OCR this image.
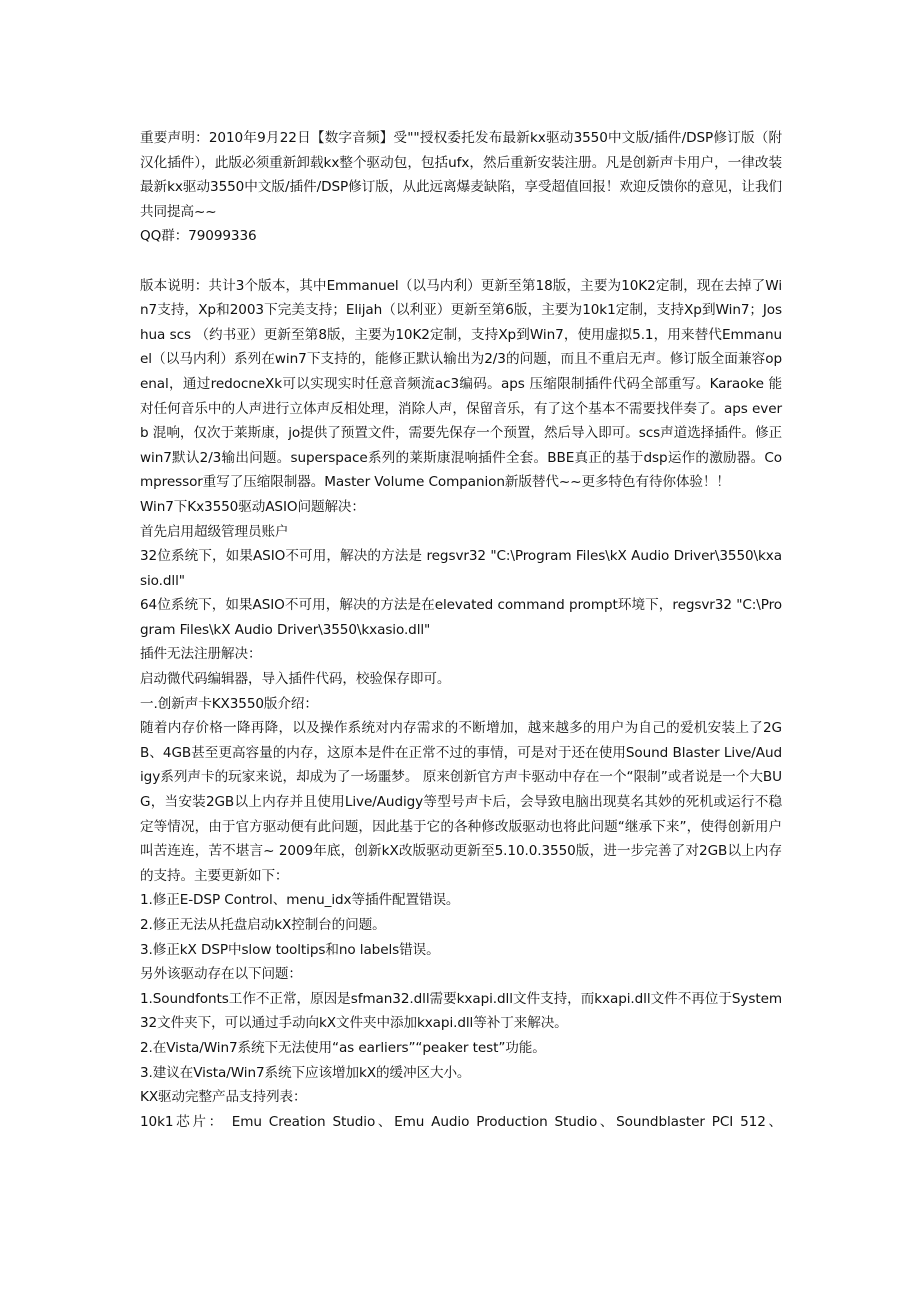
重要声明：2010年9月22日【数字音频】受""授权委托发布最新kx驱动3550中文版/插件/DSP修订版（附汉化插件），此版必须重新卸载kx整个驱动包，包括ufx，然后重新安装注册。凡是创新声卡用户，一律改装最新kx驱动3550中文版/插件/DSP修订版，从此远离爆麦缺陷，享受超值回报！欢迎反馈你的意见，让我们共同提高~~

QQ群：79099336

版本说明：共计3个版本，其中Emmanuel（以马内利）更新至第18版，主要为10K2定制，现在去掉了Win7支持，Xp和2003下完美支持；Elijah（以利亚）更新至第6版，主要为10k1定制，支持Xp到Win7；Joshua scs （约书亚）更新至第8版，主要为10K2定制，支持Xp到Win7，使用虚拟5.1，用来替代Emmanuel（以马内利）系列在win7下支持的，能修正默认输出为2/3的问题，而且不重启无声。修订版全面兼容openal，通过redocneXk可以实现实时任意音频流ac3编码。aps 压缩限制插件代码全部重写。Karaoke 能对任何音乐中的人声进行立体声反相处理，消除人声，保留音乐，有了这个基本不需要找伴奏了。aps everb 混响，仅次于莱斯康，jo提供了预置文件，需要先保存一个预置，然后导入即可。scs声道选择插件。修正win7默认2/3输出问题。superspace系列的莱斯康混响插件全套。BBE真正的基于dsp运作的激励器。Compressor重写了压缩限制器。Master Volume Companion新版替代~~更多特色有待你体验！！

Win7下Kx3550驱动ASIO问题解决：

首先启用超级管理员账户

32位系统下，如果ASIO不可用，解决的方法是 regsvr32 "C:\Program Files\kX Audio Driver\3550\kxasio.dll"

64位系统下，如果ASIO不可用，解决的方法是在elevated command prompt环境下，regsvr32 "C:\Program Files\kX Audio Driver\3550\kxasio.dll"

插件无法注册解决：

启动微代码编辑器，导入插件代码，校验保存即可。

一.创新声卡KX3550版介绍：

随着内存价格一降再降，以及操作系统对内存需求的不断增加，越来越多的用户为自己的爱机安装上了2GB、4GB甚至更高容量的内存，这原本是件在正常不过的事情，可是对于还在使用Sound Blaster Live/Audigy系列声卡的玩家来说，却成为了一场噩梦。 原来创新官方声卡驱动中存在一个“限制”或者说是一个大BUG，当安装2GB以上内存并且使用Live/Audigy等型号声卡后，会导致电脑出现莫名其妙的死机或运行不稳定等情况，由于官方驱动便有此问题，因此基于它的各种修改版驱动也将此问题“继承下来”，使得创新用户叫苦连连，苦不堪言~ 2009年底，创新kX改版驱动更新至5.10.0.3550版，进一步完善了对2GB以上内存的支持。主要更新如下：

1.修正E-DSP Control、menu_idx等插件配置错误。

2.修正无法从托盘启动kX控制台的问题。

3.修正kX DSP中slow tooltips和no labels错误。

另外该驱动存在以下问题：

1.Soundfonts工作不正常，原因是sfman32.dll需要kxapi.dll文件支持，而kxapi.dll文件不再位于System32文件夹下，可以通过手动向kX文件夹中添加kxapi.dll等补丁来解决。

2.在Vista/Win7系统下无法使用“as earliers”“peaker test”功能。

3.建议在Vista/Win7系统下应该增加kX的缓冲区大小。

KX驱动完整产品支持列表：

10k1芯片： Emu Creation Studio、Emu Audio Production Studio、Soundblaster PCI 512、
